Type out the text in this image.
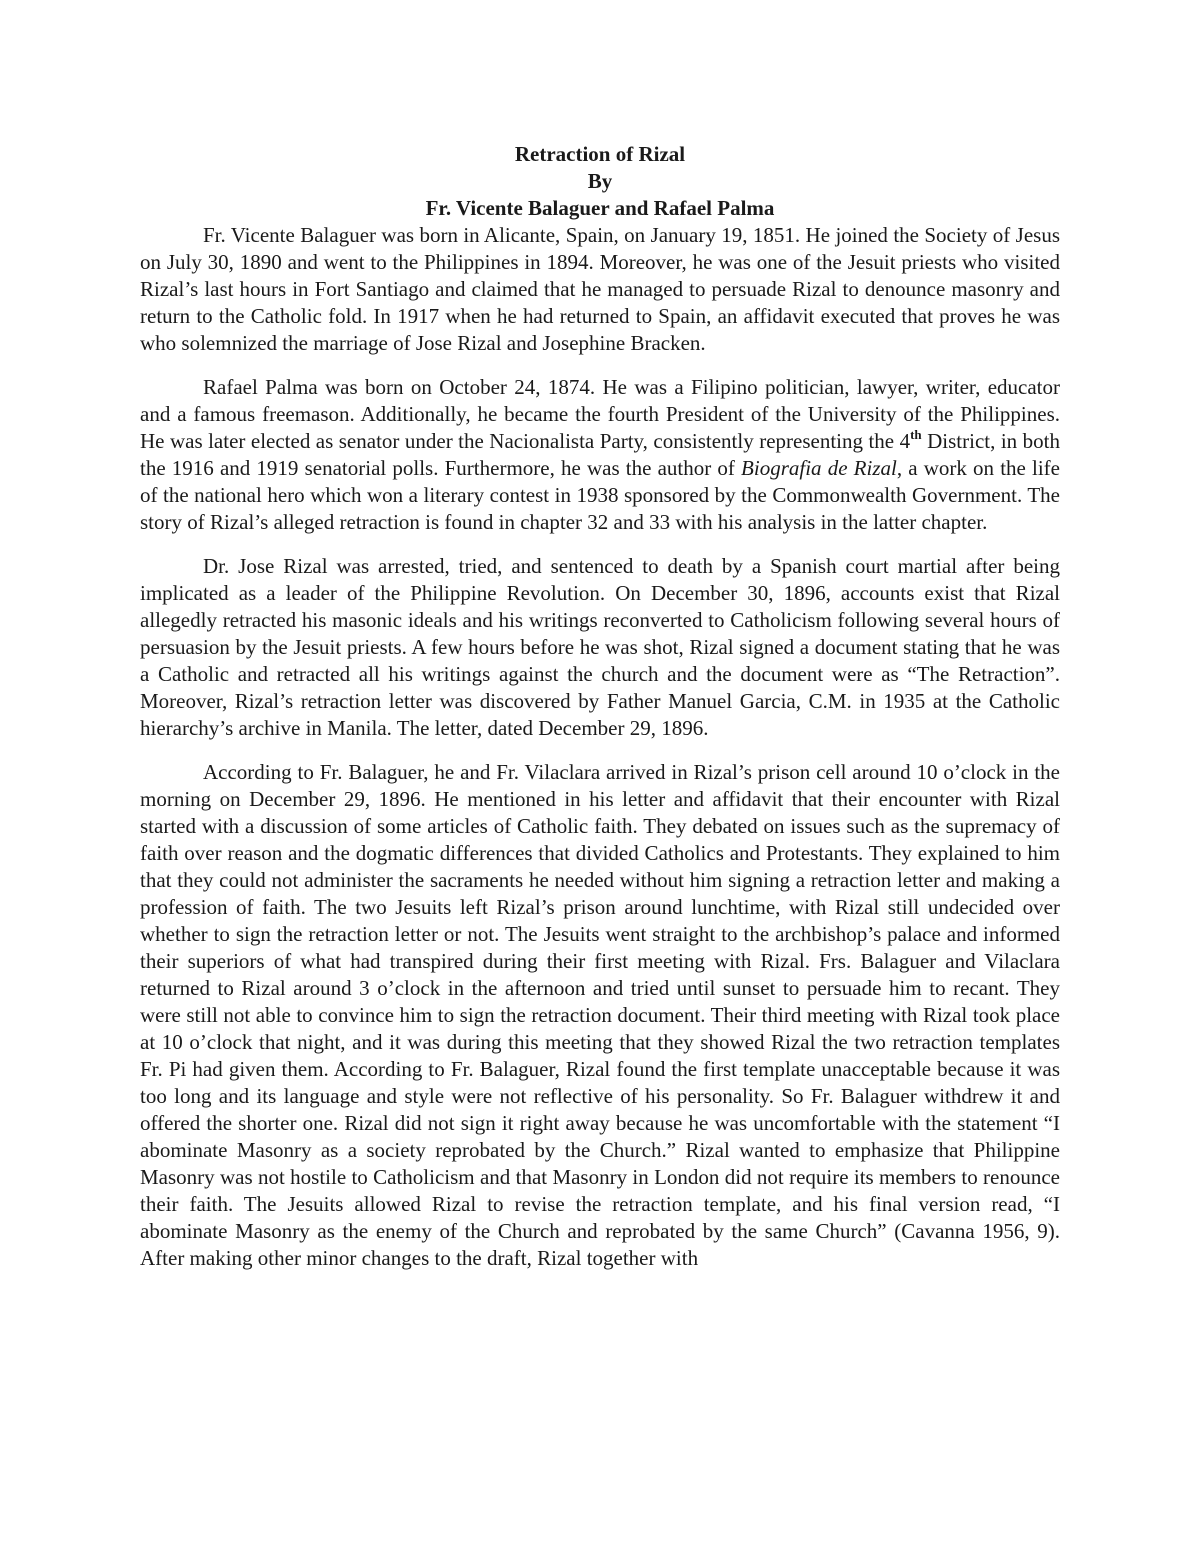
Retraction of Rizal
By
Fr. Vicente Balaguer and Rafael Palma

Fr. Vicente Balaguer was born in Alicante, Spain, on January 19, 1851. He joined the Society of Jesus on July 30, 1890 and went to the Philippines in 1894. Moreover, he was one of the Jesuit priests who visited Rizal’s last hours in Fort Santiago and claimed that he managed to persuade Rizal to denounce masonry and return to the Catholic fold. In 1917 when he had returned to Spain, an affidavit executed that proves he was who solemnized the marriage of Jose Rizal and Josephine Bracken.

Rafael Palma was born on October 24, 1874. He was a Filipino politician, lawyer, writer, educator and a famous freemason. Additionally, he became the fourth President of the University of the Philippines. He was later elected as senator under the Nacionalista Party, consistently representing the 4th District, in both the 1916 and 1919 senatorial polls. Furthermore, he was the author of Biografia de Rizal, a work on the life of the national hero which won a literary contest in 1938 sponsored by the Commonwealth Government. The story of Rizal’s alleged retraction is found in chapter 32 and 33 with his analysis in the latter chapter.

Dr. Jose Rizal was arrested, tried, and sentenced to death by a Spanish court martial after being implicated as a leader of the Philippine Revolution. On December 30, 1896, accounts exist that Rizal allegedly retracted his masonic ideals and his writings reconverted to Catholicism following several hours of persuasion by the Jesuit priests. A few hours before he was shot, Rizal signed a document stating that he was a Catholic and retracted all his writings against the church and the document were as “The Retraction”. Moreover, Rizal’s retraction letter was discovered by Father Manuel Garcia, C.M. in 1935 at the Catholic hierarchy’s archive in Manila. The letter, dated December 29, 1896.

According to Fr. Balaguer, he and Fr. Vilaclara arrived in Rizal’s prison cell around 10 o’clock in the morning on December 29, 1896. He mentioned in his letter and affidavit that their encounter with Rizal started with a discussion of some articles of Catholic faith. They debated on issues such as the supremacy of faith over reason and the dogmatic differences that divided Catholics and Protestants. They explained to him that they could not administer the sacraments he needed without him signing a retraction letter and making a profession of faith. The two Jesuits left Rizal’s prison around lunchtime, with Rizal still undecided over whether to sign the retraction letter or not. The Jesuits went straight to the archbishop’s palace and informed their superiors of what had transpired during their first meeting with Rizal. Frs. Balaguer and Vilaclara returned to Rizal around 3 o’clock in the afternoon and tried until sunset to persuade him to recant. They were still not able to convince him to sign the retraction document. Their third meeting with Rizal took place at 10 o’clock that night, and it was during this meeting that they showed Rizal the two retraction templates Fr. Pi had given them. According to Fr. Balaguer, Rizal found the first template unacceptable because it was too long and its language and style were not reflective of his personality. So Fr. Balaguer withdrew it and offered the shorter one. Rizal did not sign it right away because he was uncomfortable with the statement “I abominate Masonry as a society reprobated by the Church.” Rizal wanted to emphasize that Philippine Masonry was not hostile to Catholicism and that Masonry in London did not require its members to renounce their faith. The Jesuits allowed Rizal to revise the retraction template, and his final version read, “I abominate Masonry as the enemy of the Church and reprobated by the same Church” (Cavanna 1956, 9). After making other minor changes to the draft, Rizal together with
